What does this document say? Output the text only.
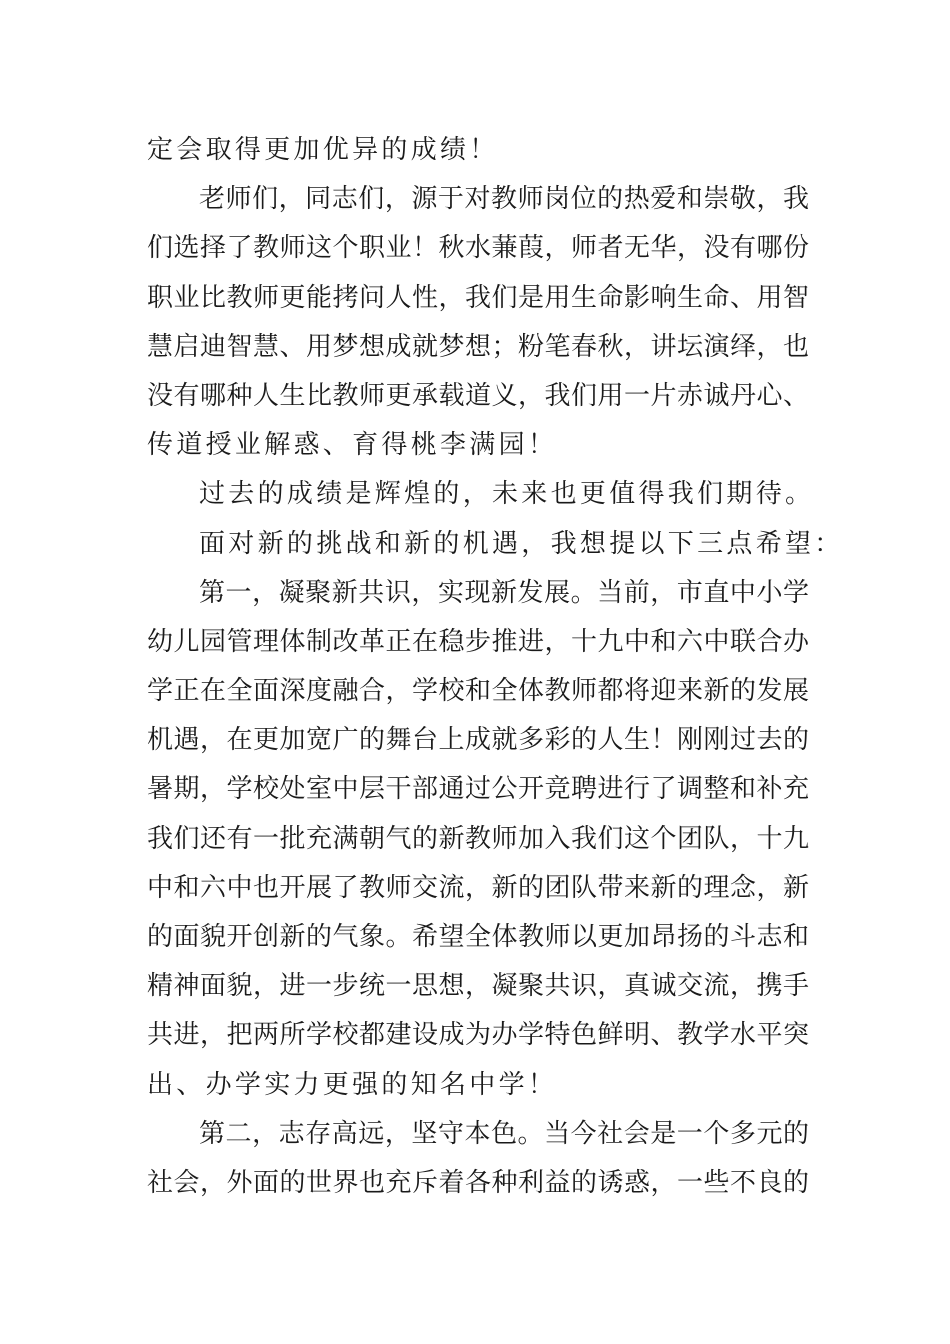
定会取得更加优异的成绩！
老师们，同志们，源于对教师岗位的热爱和崇敬，我
们选择了教师这个职业！秋水蒹葭，师者无华，没有哪份
职业比教师更能拷问人性，我们是用生命影响生命、用智
慧启迪智慧、用梦想成就梦想；粉笔春秋，讲坛演绎，也
没有哪种人生比教师更承载道义，我们用一片赤诚丹心、
传道授业解惑、育得桃李满园！
过去的成绩是辉煌的，未来也更值得我们期待。
面对新的挑战和新的机遇，我想提以下三点希望：
第一，凝聚新共识，实现新发展。当前，市直中小学
幼儿园管理体制改革正在稳步推进，十九中和六中联合办
学正在全面深度融合，学校和全体教师都将迎来新的发展
机遇，在更加宽广的舞台上成就多彩的人生！刚刚过去的
暑期，学校处室中层干部通过公开竞聘进行了调整和补充
我们还有一批充满朝气的新教师加入我们这个团队，十九
中和六中也开展了教师交流，新的团队带来新的理念，新
的面貌开创新的气象。希望全体教师以更加昂扬的斗志和
精神面貌，进一步统一思想，凝聚共识，真诚交流，携手
共进，把两所学校都建设成为办学特色鲜明、教学水平突
出、办学实力更强的知名中学！
第二，志存高远，坚守本色。当今社会是一个多元的
社会，外面的世界也充斥着各种利益的诱惑，一些不良的
